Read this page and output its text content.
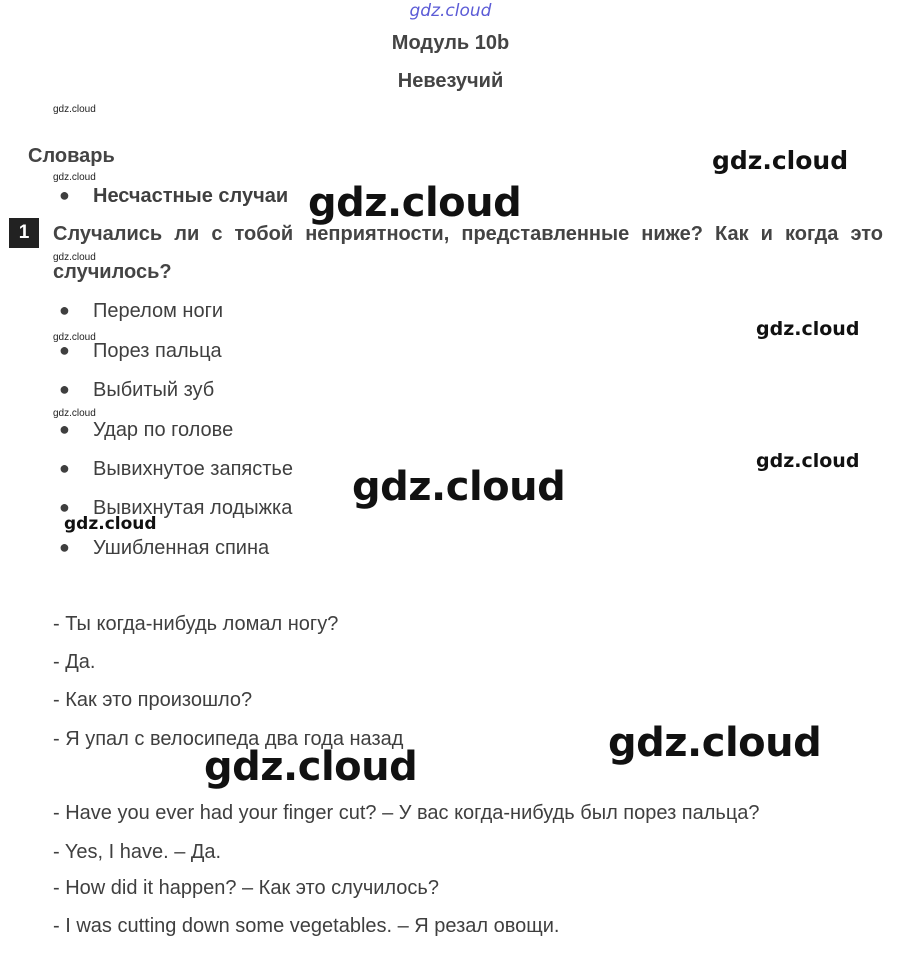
gdz.cloud
Модуль 10b
Невезучий
Словарь
● Несчастные случаи
1	Случались ли с тобой неприятности, представленные ниже? Как и когда это случилось?
● Перелом ноги
● Порез пальца
● Выбитый зуб
● Удар по голове
● Вывихнутое запястье
● Вывихнутая лодыжка
● Ушибленная спина
- Ты когда-нибудь ломал ногу?
- Да.
- Как это произошло?
- Я упал с велосипеда два года назад
- Have you ever had your finger cut? – У вас когда-нибудь был порез пальца?
- Yes, I have. – Да.
- How did it happen? – Как это случилось?
- I was cutting down some vegetables. – Я резал овощи.
gdz.cloud
gdz.cloud
gdz.cloud
gdz.cloud
gdz.cloud
gdz.cloud
gdz.cloud
gdz.cloud
gdz.cloud
gdz.cloud
gdz.cloud
gdz.cloud
gdz.cloud
